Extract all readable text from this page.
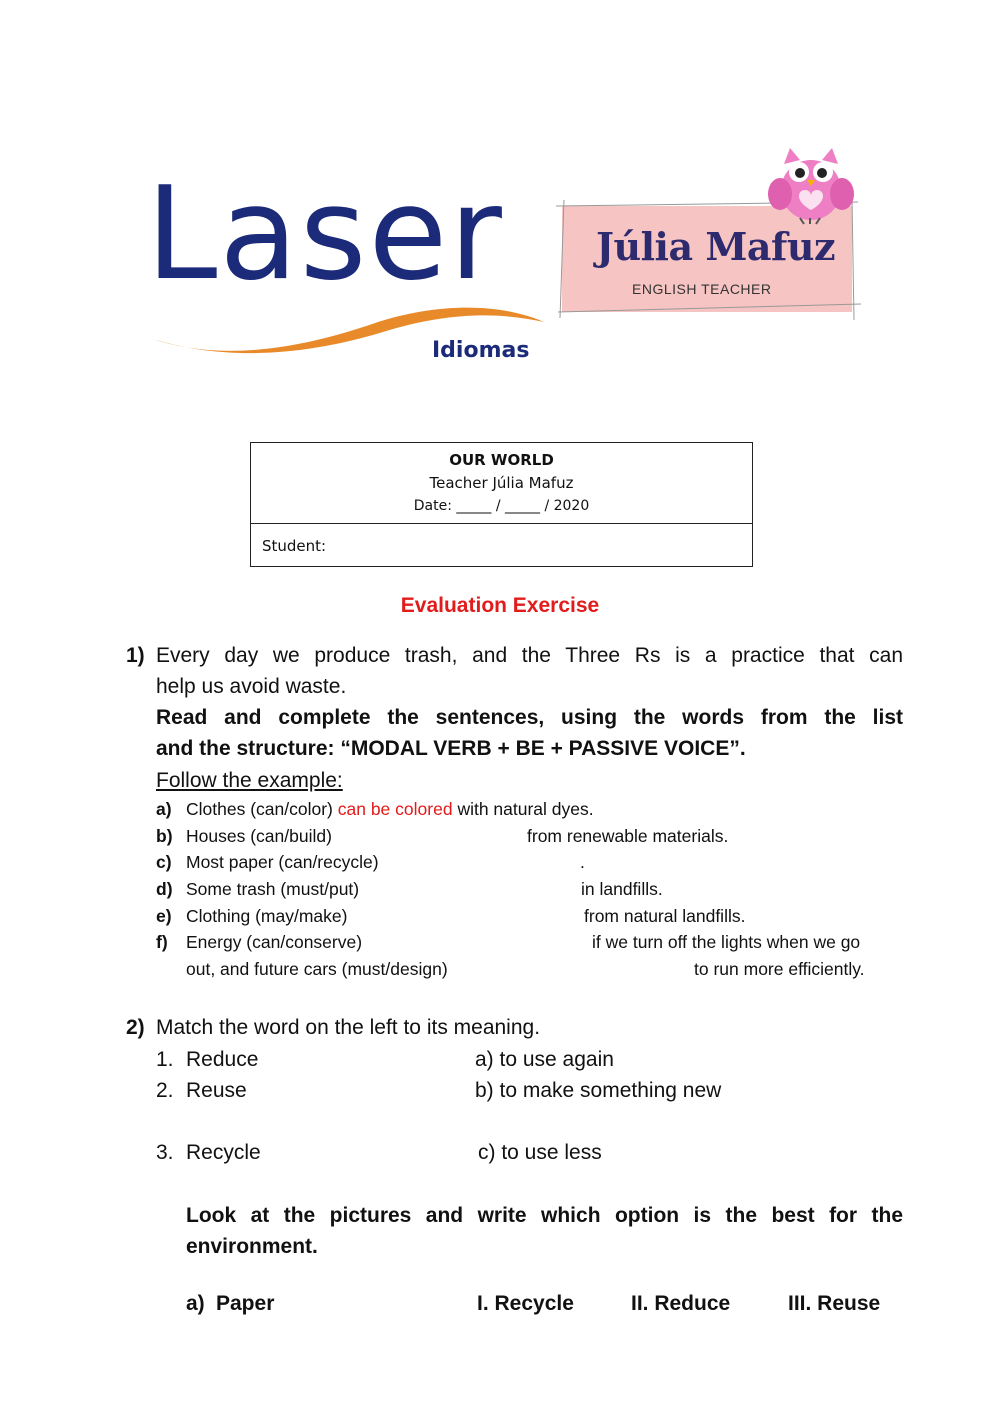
Laser
Idiomas
Júlia Mafuz
ENGLISH TEACHER
OUR WORLD
Teacher Júlia Mafuz
Date: _____ / _____ / 2020
Student:
Evaluation Exercise
1) Every day we produce trash, and the Three Rs is a practice that can
help us avoid waste.
Read and complete the sentences, using the words from the list
and the structure: “MODAL VERB + BE + PASSIVE VOICE”.
Follow the example:
a) Clothes (can/color) can be colored with natural dyes.
b) Houses (can/build)	from renewable materials.
c) Most paper (can/recycle)	.
d) Some trash (must/put)	in landfills.
e) Clothing (may/make)	from natural landfills.
f) Energy (can/conserve)	if we turn off the lights when we go
out, and future cars (must/design)	to run more efficiently.
2) Match the word on the left to its meaning.
1. Reduce	a) to use again
2. Reuse	b) to make something new
3. Recycle	c) to use less
Look at the pictures and write which option is the best for the
environment.
a) Paper	I. Recycle	II. Reduce	III. Reuse
